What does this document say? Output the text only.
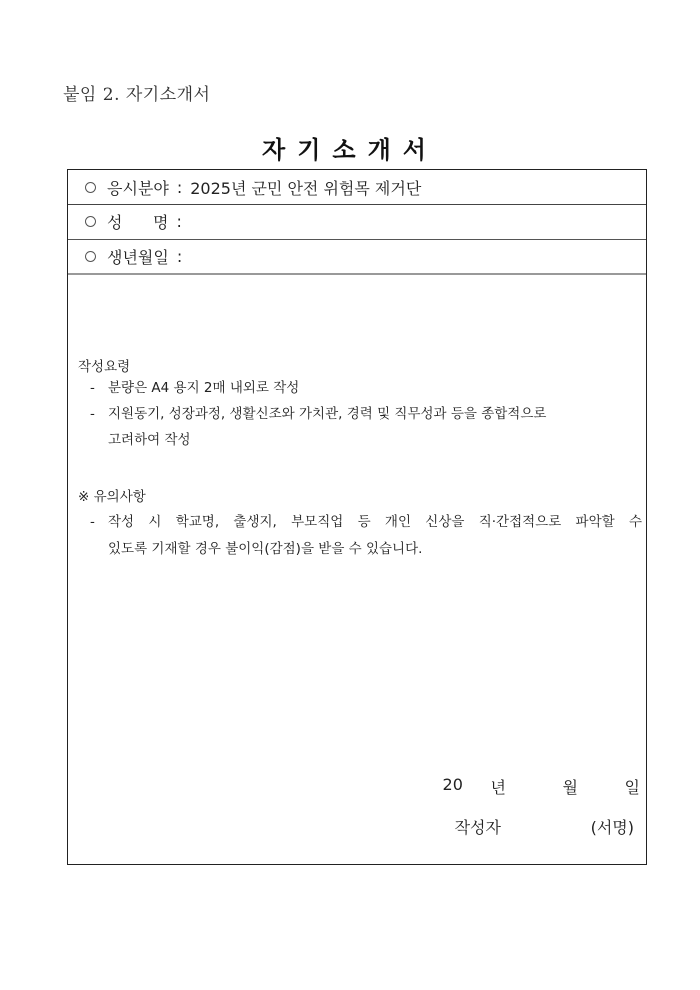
붙임 2. 자기소개서
자기소개서
응시분야 : 2025년 군민 안전 위험목 제거단
성      명 :
생년월일 :
작성요령
- 분량은 A4 용지 2매 내외로 작성
- 지원동기, 성장과정, 생활신조와 가치관, 경력 및 직무성과 등을 종합적으로
고려하여 작성
※ 유의사항
- 작성 시 학교명, 출생지, 부모직업 등 개인 신상을 직·간접적으로 파악할 수
있도록 기재할 경우 불이익(감점)을 받을 수 있습니다.
20	년	월	일
작성자	(서명)
